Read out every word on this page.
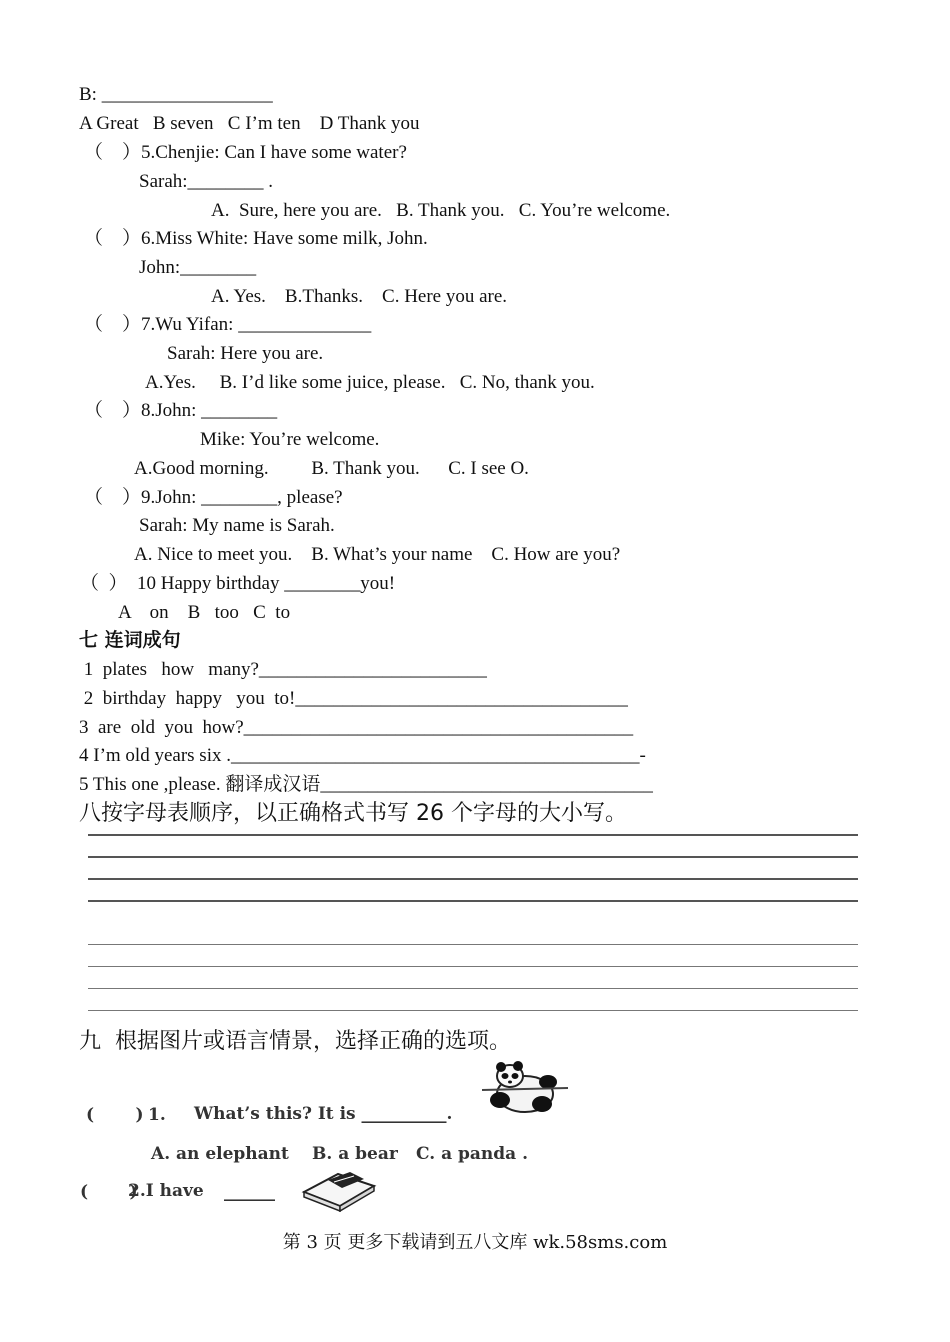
B: __________________
A Great   B seven   C I’m ten    D Thank you
（    ）5.Chenjie: Can I have some water?
Sarah:________ .
A.  Sure, here you are.   B. Thank you.   C. You’re welcome.
（    ）6.Miss White: Have some milk, John.
John:________
A. Yes.    B.Thanks.    C. Here you are.
（    ）7.Wu Yifan: ______________
Sarah: Here you are.
A.Yes.     B. I’d like some juice, please.   C. No, thank you.
（    ）8.John: ________
Mike: You’re welcome.
A.Good morning.         B. Thank you.      C. I see O.
（    ）9.John: ________, please?
Sarah: My name is Sarah.
A. Nice to meet you.    B. What’s your name    C. How are you?
（  ）  10 Happy birthday ________you!
A    on    B   too   C  to
七 连词成句
1  plates   how   many?________________________
2  birthday  happy   you  to!___________________________________
3  are  old  you  how?_________________________________________
4 I’m old years six .___________________________________________-
5 This one ,please. 翻译成汉语___________________________________
八按字母表顺序，以正确格式书写 26 个字母的大小写。
九  根据图片或语言情景，选择正确的选项。
(       ) 1. What’s this? It is __________.
A. an elephant B. a bear C. a panda .
(       )
2.I have ______
第 3 页 更多下载请到五八文库 wk.58sms.com
